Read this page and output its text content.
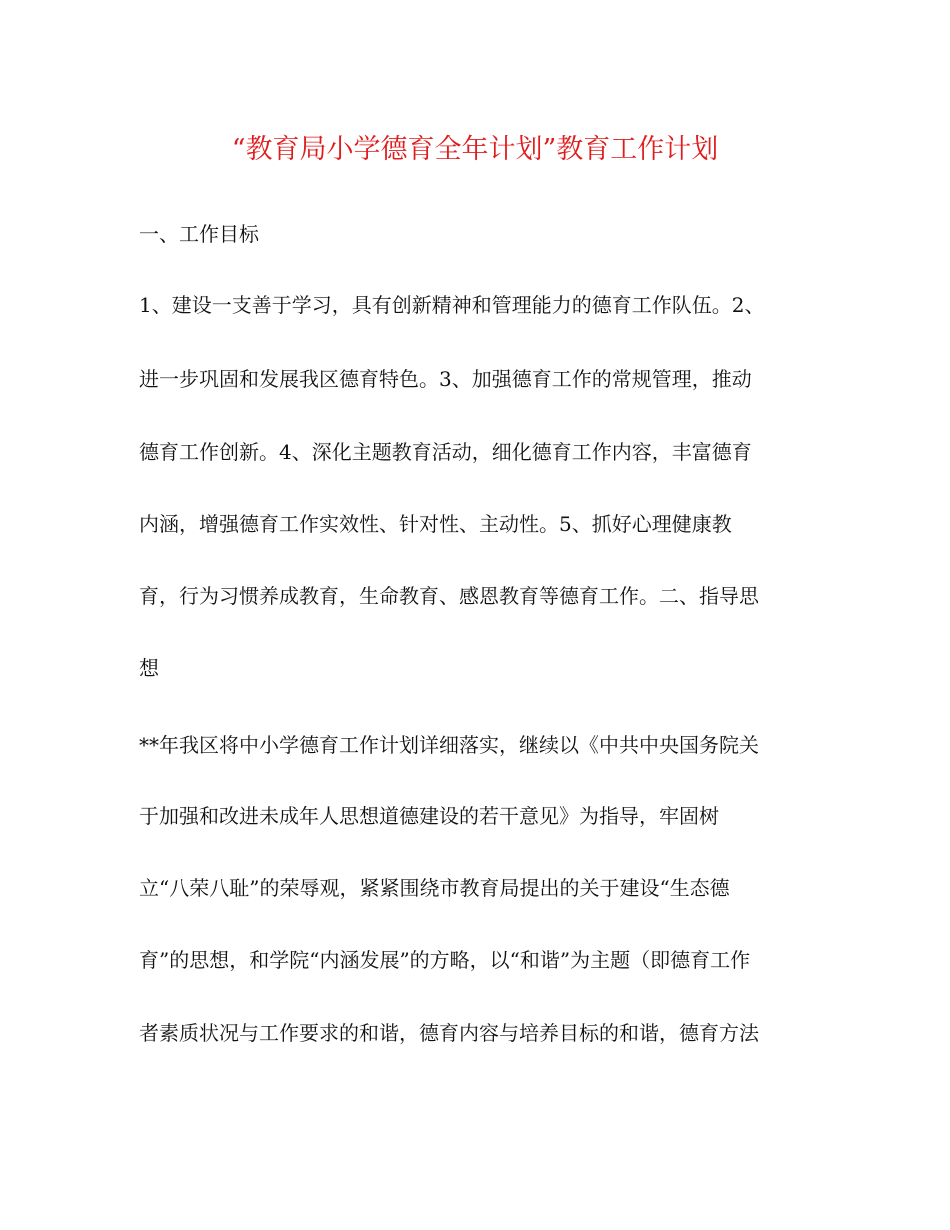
“教育局小学德育全年计划”教育工作计划
一、工作目标
1、建设一支善于学习，具有创新精神和管理能力的德育工作队伍。2、
进一步巩固和发展我区德育特色。3、加强德育工作的常规管理，推动
德育工作创新。4、深化主题教育活动，细化德育工作内容，丰富德育
内涵，增强德育工作实效性、针对性、主动性。5、抓好心理健康教
育，行为习惯养成教育，生命教育、感恩教育等德育工作。二、指导思
想
**年我区将中小学德育工作计划详细落实，继续以《中共中央国务院关
于加强和改进未成年人思想道德建设的若干意见》为指导，牢固树
立“八荣八耻”的荣辱观，紧紧围绕市教育局提出的关于建设“生态德
育”的思想，和学院“内涵发展”的方略，以“和谐”为主题（即德育工作
者素质状况与工作要求的和谐，德育内容与培养目标的和谐，德育方法
